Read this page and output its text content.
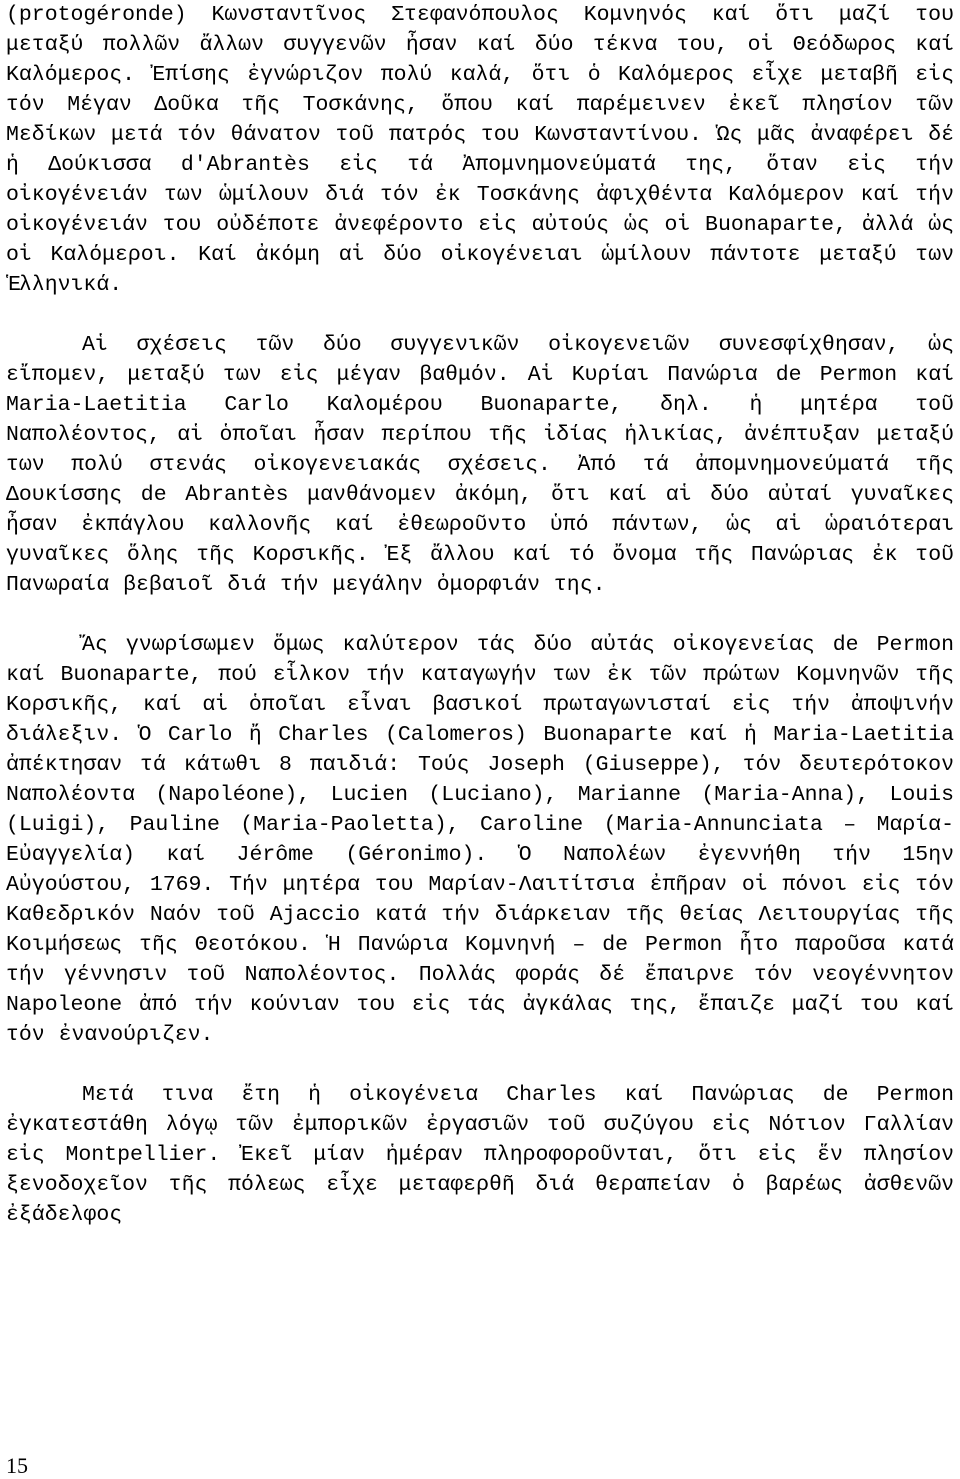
(protogéronde) Κωνσταντῖνος Στεφανόπουλος Κομνηνός καί ὅτι μαζί του μεταξύ πολλῶν ἄλλων συγγενῶν ἦσαν καί δύο τέκνα του, οἱ Θεόδωρος καί Καλόμερος. Ἐπίσης ἐγνώριζον πολύ καλά, ὅτι ὁ Καλόμερος εἶχε μεταβῆ εἰς τόν Μέγαν Δοῦκα τῆς Τοσκάνης, ὅπου καί παρέμεινεν ἐκεῖ πλησίον τῶν Μεδίκων μετά τόν θάνατον τοῦ πατρός του Κωνσταντίνου. Ὡς μᾶς ἀναφέρει δέ ἡ Δούκισσα d'Abrantès εἰς τά Ἀπομνημονεύματά της, ὅταν εἰς τήν οἰκογένειάν των ὡμίλουν διά τόν ἐκ Τοσκάνης ἀφιχθέντα Καλόμερον καί τήν οἰκογένειάν του οὐδέποτε ἀνεφέροντο εἰς αὐτούς ὡς οἱ Buonaparte, ἀλλά ὡς οἱ Καλόμεροι. Καί ἀκόμη αἱ δύο οἰκογένειαι ὡμίλουν πάντοτε μεταξύ των Ἑλληνικά.

Αἱ σχέσεις τῶν δύο συγγενικῶν οἰκογενειῶν συνεσφίχθησαν, ὡς εἴπομεν, μεταξύ των εἰς μέγαν βαθμόν. Αἱ Κυρίαι Πανώρια de Permon καί Maria-Laetitia Carlo Καλομέρου Buonaparte, δηλ. ἡ μητέρα τοῦ Ναπολέοντος, αἱ ὁποῖαι ἦσαν περίπου τῆς ἰδίας ἡλικίας, ἀνέπτυξαν μεταξύ των πολύ στενάς οἰκογενειακάς σχέσεις. Ἀπό τά ἀπομνημονεύματά τῆς Δουκίσσης de Abrantès μανθάνομεν ἀκόμη, ὅτι καί αἱ δύο αὐταί γυναῖκες ἦσαν ἐκπάγλου καλλονῆς καί ἐθεωροῦντο ὑπό πάντων, ὡς αἱ ὡραιότεραι γυναῖκες ὅλης τῆς Κορσικῆς. Ἐξ ἄλλου καί τό ὄνομα τῆς Πανώριας ἐκ τοῦ Πανωραία βεβαιοῖ διά τήν μεγάλην ὀμορφιάν της.

Ἄς γνωρίσωμεν ὅμως καλύτερον τάς δύο αὐτάς οἰκογενείας de Permon καί Buonaparte, πού εἷλκον τήν καταγωγήν των ἐκ τῶν πρώτων Κομνηνῶν τῆς Κορσικῆς, καί αἱ ὁποῖαι εἶναι βασικοί πρωταγωνισταί εἰς τήν ἀποψινήν διάλεξιν. Ὁ Carlo ἤ Charles (Calomeros) Buonaparte καί ἡ Maria-Laetitia ἀπέκτησαν τά κάτωθι 8 παιδιά: Τούς Joseph (Giuseppe), τόν δευτερότοκον Ναπολέοντα (Napoléone), Lucien (Luciano), Marianne (Maria-Anna), Louis (Luigi), Pauline (Maria-Paoletta), Caroline (Maria-Annunciata – Μαρία-Εὐαγγελία) καί Jérôme (Géronimo). Ὁ Ναπολέων ἐγεννήθη τήν 15ην Αὐγούστου, 1769. Τήν μητέρα του Μαρίαν-Λαιτίτσια ἐπῆραν οἱ πόνοι εἰς τόν Καθεδρικόν Ναόν τοῦ Ajaccio κατά τήν διάρκειαν τῆς θείας Λειτουργίας τῆς Κοιμήσεως τῆς Θεοτόκου. Ἡ Πανώρια Κομνηνή – de Permon ἦτο παροῦσα κατά τήν γέννησιν τοῦ Ναπολέοντος. Πολλάς φοράς δέ ἔπαιρνε τόν νεογέννητον Napoleone ἀπό τήν κούνιαν του εἰς τάς ἀγκάλας της, ἔπαιζε μαζί του καί τόν ἐνανούριζεν.

Μετά τινα ἔτη ἡ οἰκογένεια Charles καί Πανώριας de Permon ἐγκατεστάθη λόγῳ τῶν ἐμπορικῶν ἐργασιῶν τοῦ συζύγου εἰς Νότιον Γαλλίαν εἰς Montpellier. Ἐκεῖ μίαν ἡμέραν πληροφοροῦνται, ὅτι εἰς ἕν πλησίον ξενοδοχεῖον τῆς πόλεως εἶχε μεταφερθῆ διά θεραπείαν ὁ βαρέως ἀσθενῶν ἐξάδελφος

15
